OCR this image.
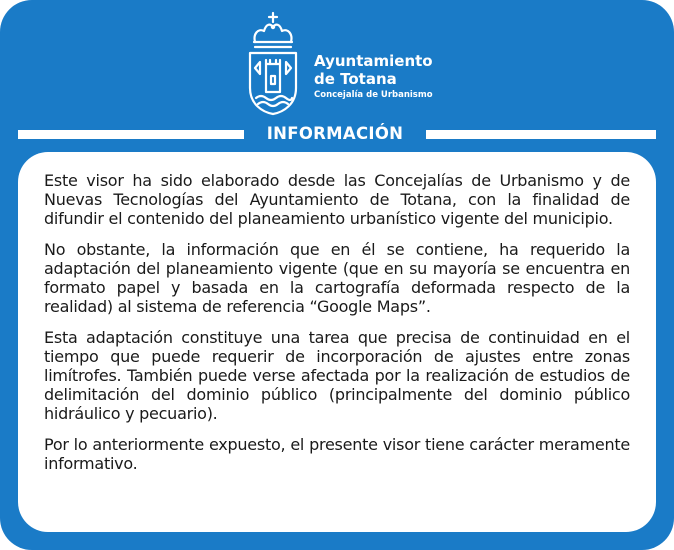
Ayuntamiento
de Totana
Concejalía de Urbanismo
INFORMACIÓN

Este visor ha sido elaborado desde las Concejalías de Urbanismo y de Nuevas Tecnologías del Ayuntamiento de Totana, con la finalidad de difundir el contenido del planeamiento urbanístico vigente del municipio.

No obstante, la información que en él se contiene, ha requerido la adaptación del planeamiento vigente (que en su mayoría se encuentra en formato papel y basada en la cartografía deformada respecto de la realidad) al sistema de referencia “Google Maps”.

Esta adaptación constituye una tarea que precisa de continuidad en el tiempo que puede requerir de incorporación de ajustes entre zonas limítrofes. También puede verse afectada por la realización de estudios de delimitación del dominio público (principalmente del dominio público hidráulico y pecuario).

Por lo anteriormente expuesto, el presente visor tiene carácter meramente informativo.
